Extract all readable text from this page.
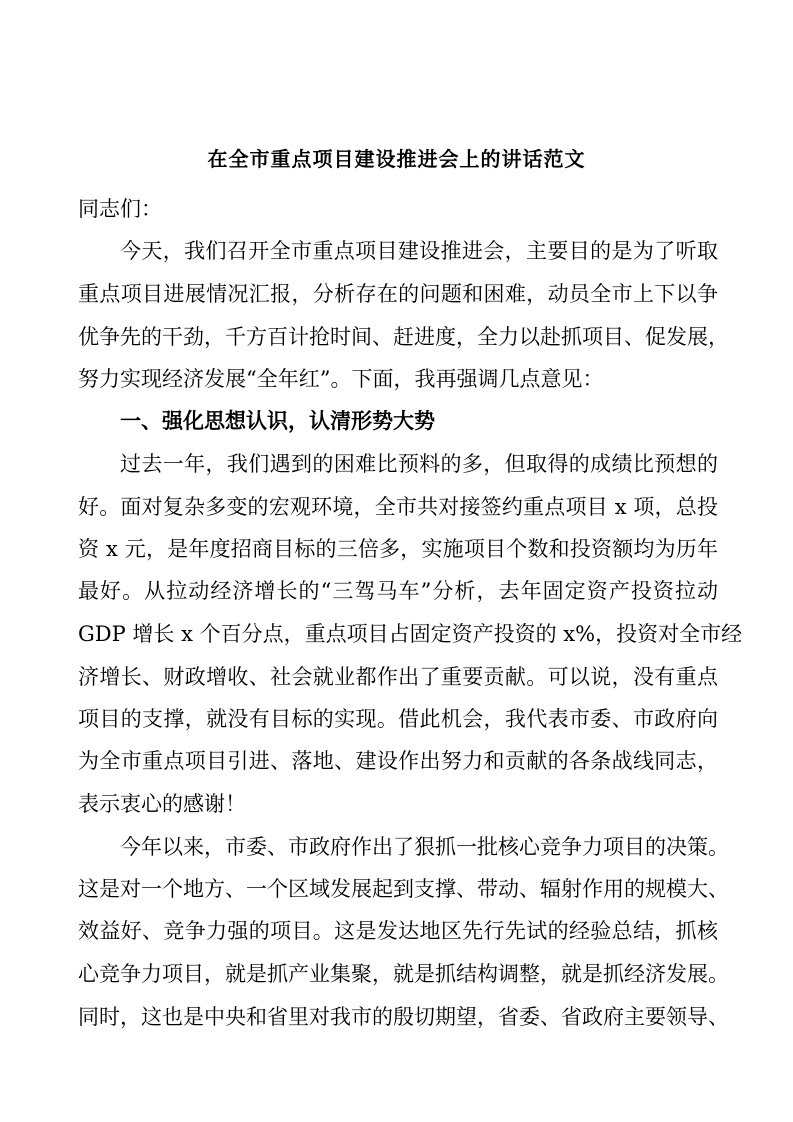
在全市重点项目建设推进会上的讲话范文
同志们：
今天，我们召开全市重点项目建设推进会，主要目的是为了听取
重点项目进展情况汇报，分析存在的问题和困难，动员全市上下以争
优争先的干劲，千方百计抢时间、赶进度，全力以赴抓项目、促发展，
努力实现经济发展“全年红”。下面，我再强调几点意见：
一、强化思想认识，认清形势大势
过去一年，我们遇到的困难比预料的多，但取得的成绩比预想的
好。面对复杂多变的宏观环境，全市共对接签约重点项目 x 项，总投
资 x 元，是年度招商目标的三倍多，实施项目个数和投资额均为历年
最好。从拉动经济增长的“三驾马车”分析，去年固定资产投资拉动
GDP 增长 x 个百分点，重点项目占固定资产投资的 x%，投资对全市经
济增长、财政增收、社会就业都作出了重要贡献。可以说，没有重点
项目的支撑，就没有目标的实现。借此机会，我代表市委、市政府向
为全市重点项目引进、落地、建设作出努力和贡献的各条战线同志，
表示衷心的感谢！
今年以来，市委、市政府作出了狠抓一批核心竞争力项目的决策。
这是对一个地方、一个区域发展起到支撑、带动、辐射作用的规模大、
效益好、竞争力强的项目。这是发达地区先行先试的经验总结，抓核
心竞争力项目，就是抓产业集聚，就是抓结构调整，就是抓经济发展。
同时，这也是中央和省里对我市的殷切期望，省委、省政府主要领导、
